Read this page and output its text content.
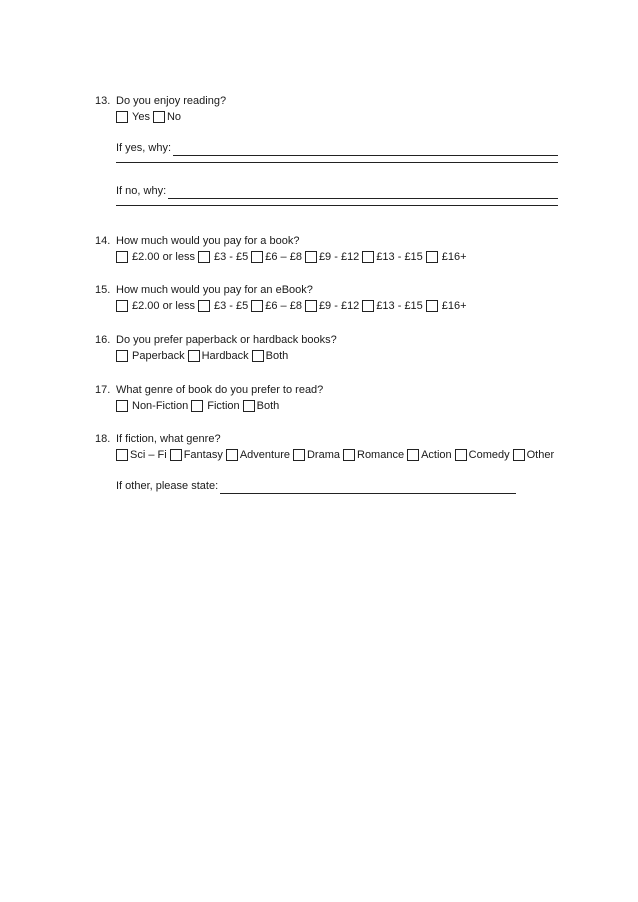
13. Do you enjoy reading?
Yes No
If yes, why:
If no, why:
14. How much would you pay for a book?
£2.00 or less £3 - £5 £6 – £8 £9 - £12 £13 - £15 £16+
15. How much would you pay for an eBook?
£2.00 or less £3 - £5 £6 – £8 £9 - £12 £13 - £15 £16+
16. Do you prefer paperback or hardback books?
Paperback Hardback Both
17. What genre of book do you prefer to read?
Non-Fiction Fiction Both
18. If fiction, what genre?
Sci – Fi Fantasy Adventure Drama Romance Action Comedy Other
If other, please state:
